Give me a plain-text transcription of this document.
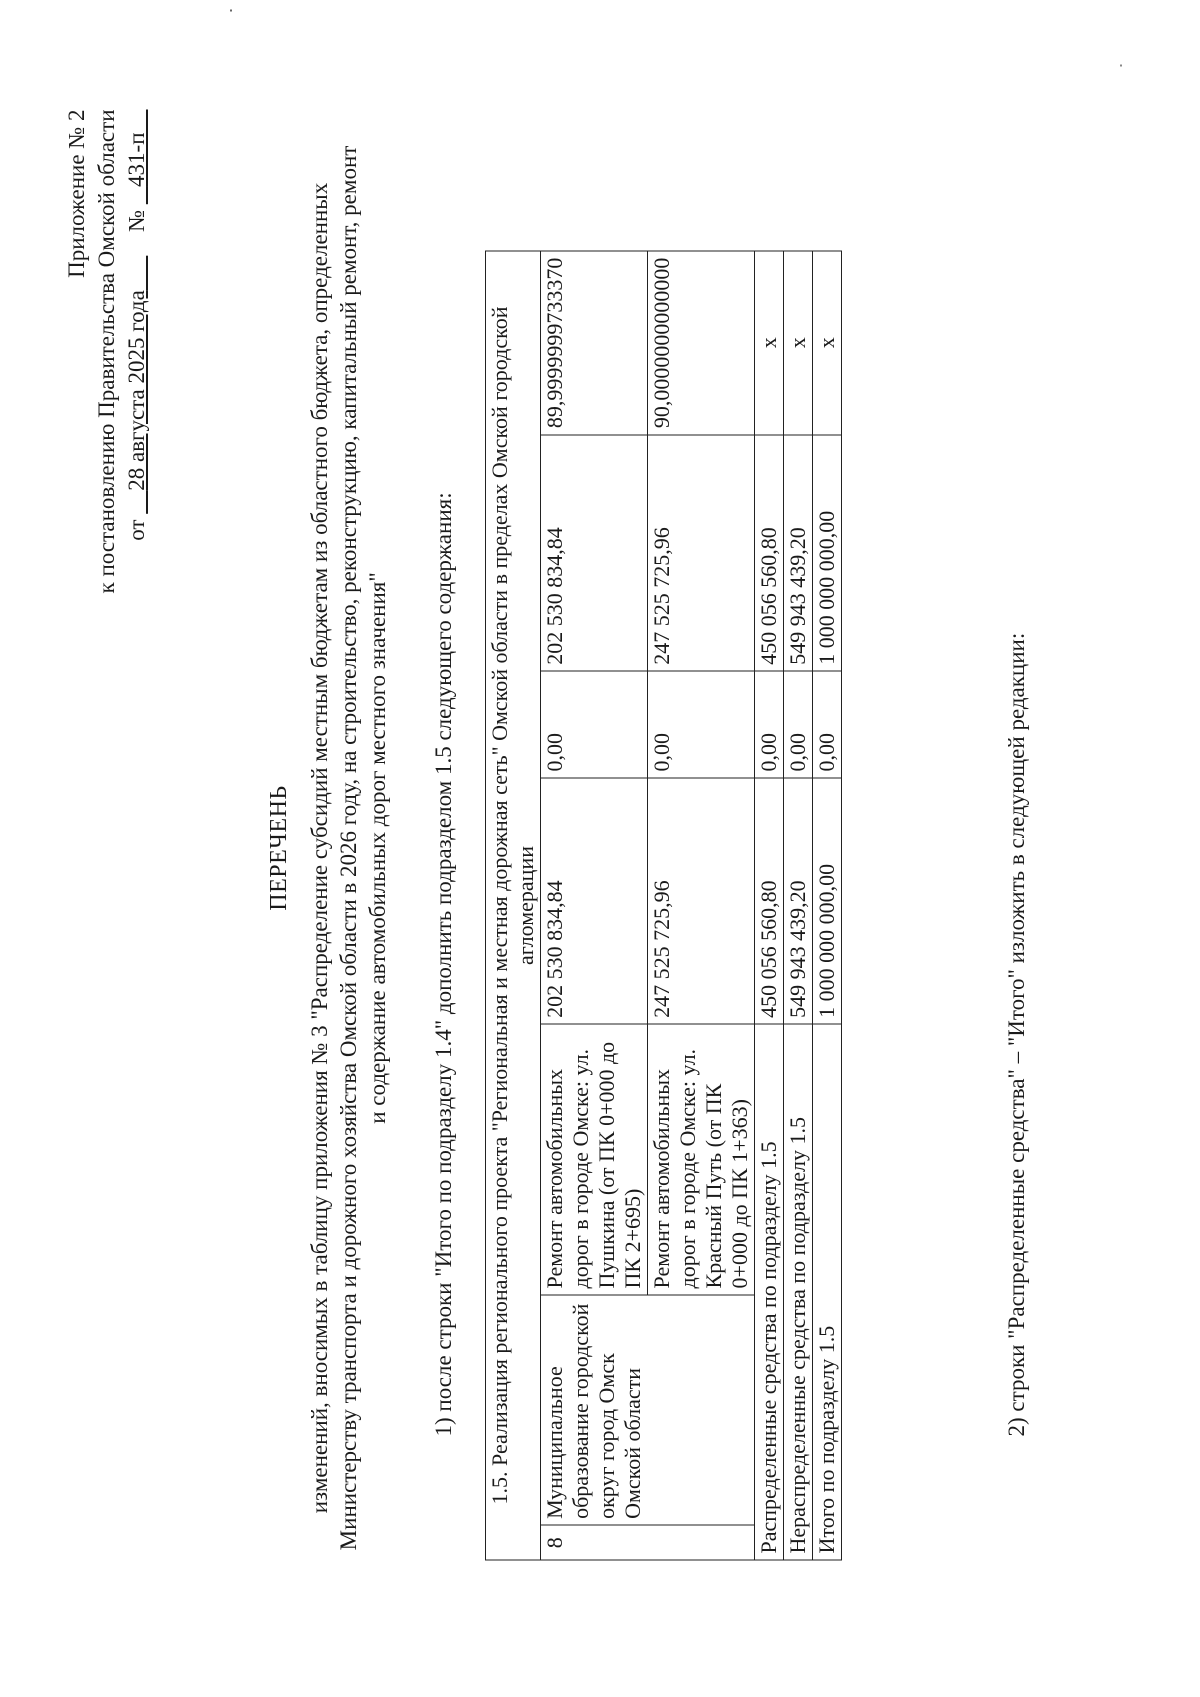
Приложение № 2 к постановлению Правительства Омской области от     28 августа 2025 года       №    431-п
ПЕРЕЧЕНЬ изменений, вносимых в таблицу приложения № 3 "Распределение субсидий местным бюджетам из областного бюджета, определенных Министерству транспорта и дорожного хозяйства Омской области в 2026 году, на строительство, реконструкцию, капитальный ремонт, ремонт и содержание автомобильных дорог местного значения" 1) после строки "Итого по подразделу 1.4" дополнить подразделом 1.5 следующего содержания: 1.5. Реализация регионального проекта "Региональная и местная дорожная сеть" Омской области в пределах Омской городской агломерации						
8	Муниципальное образование городской округ город Омск Омской области	Ремонт автомобильных дорог в городе Омске: ул. Пушкина (от ПК 0+000 до ПК 2+695)	202 530 834,84	0,00	202 530 834,84	89,9999999733370
		Ремонт автомобильных дорог в городе Омске: ул. Красный Путь (от ПК 0+000 до ПК 1+363)	247 525 725,96	0,00	247 525 725,96	90,0000000000000
Распределенные средства по подразделу 1.5			450 056 560,80	0,00	450 056 560,80	х
Нераспределенные средства по подразделу 1.5			549 943 439,20	0,00	549 943 439,20	х
Итого по подразделу 1.5			1 000 000 000,00	0,00	1 000 000 000,00	х
2) строки "Распределенные средства" – "Итого" изложить в следующей редакции:
